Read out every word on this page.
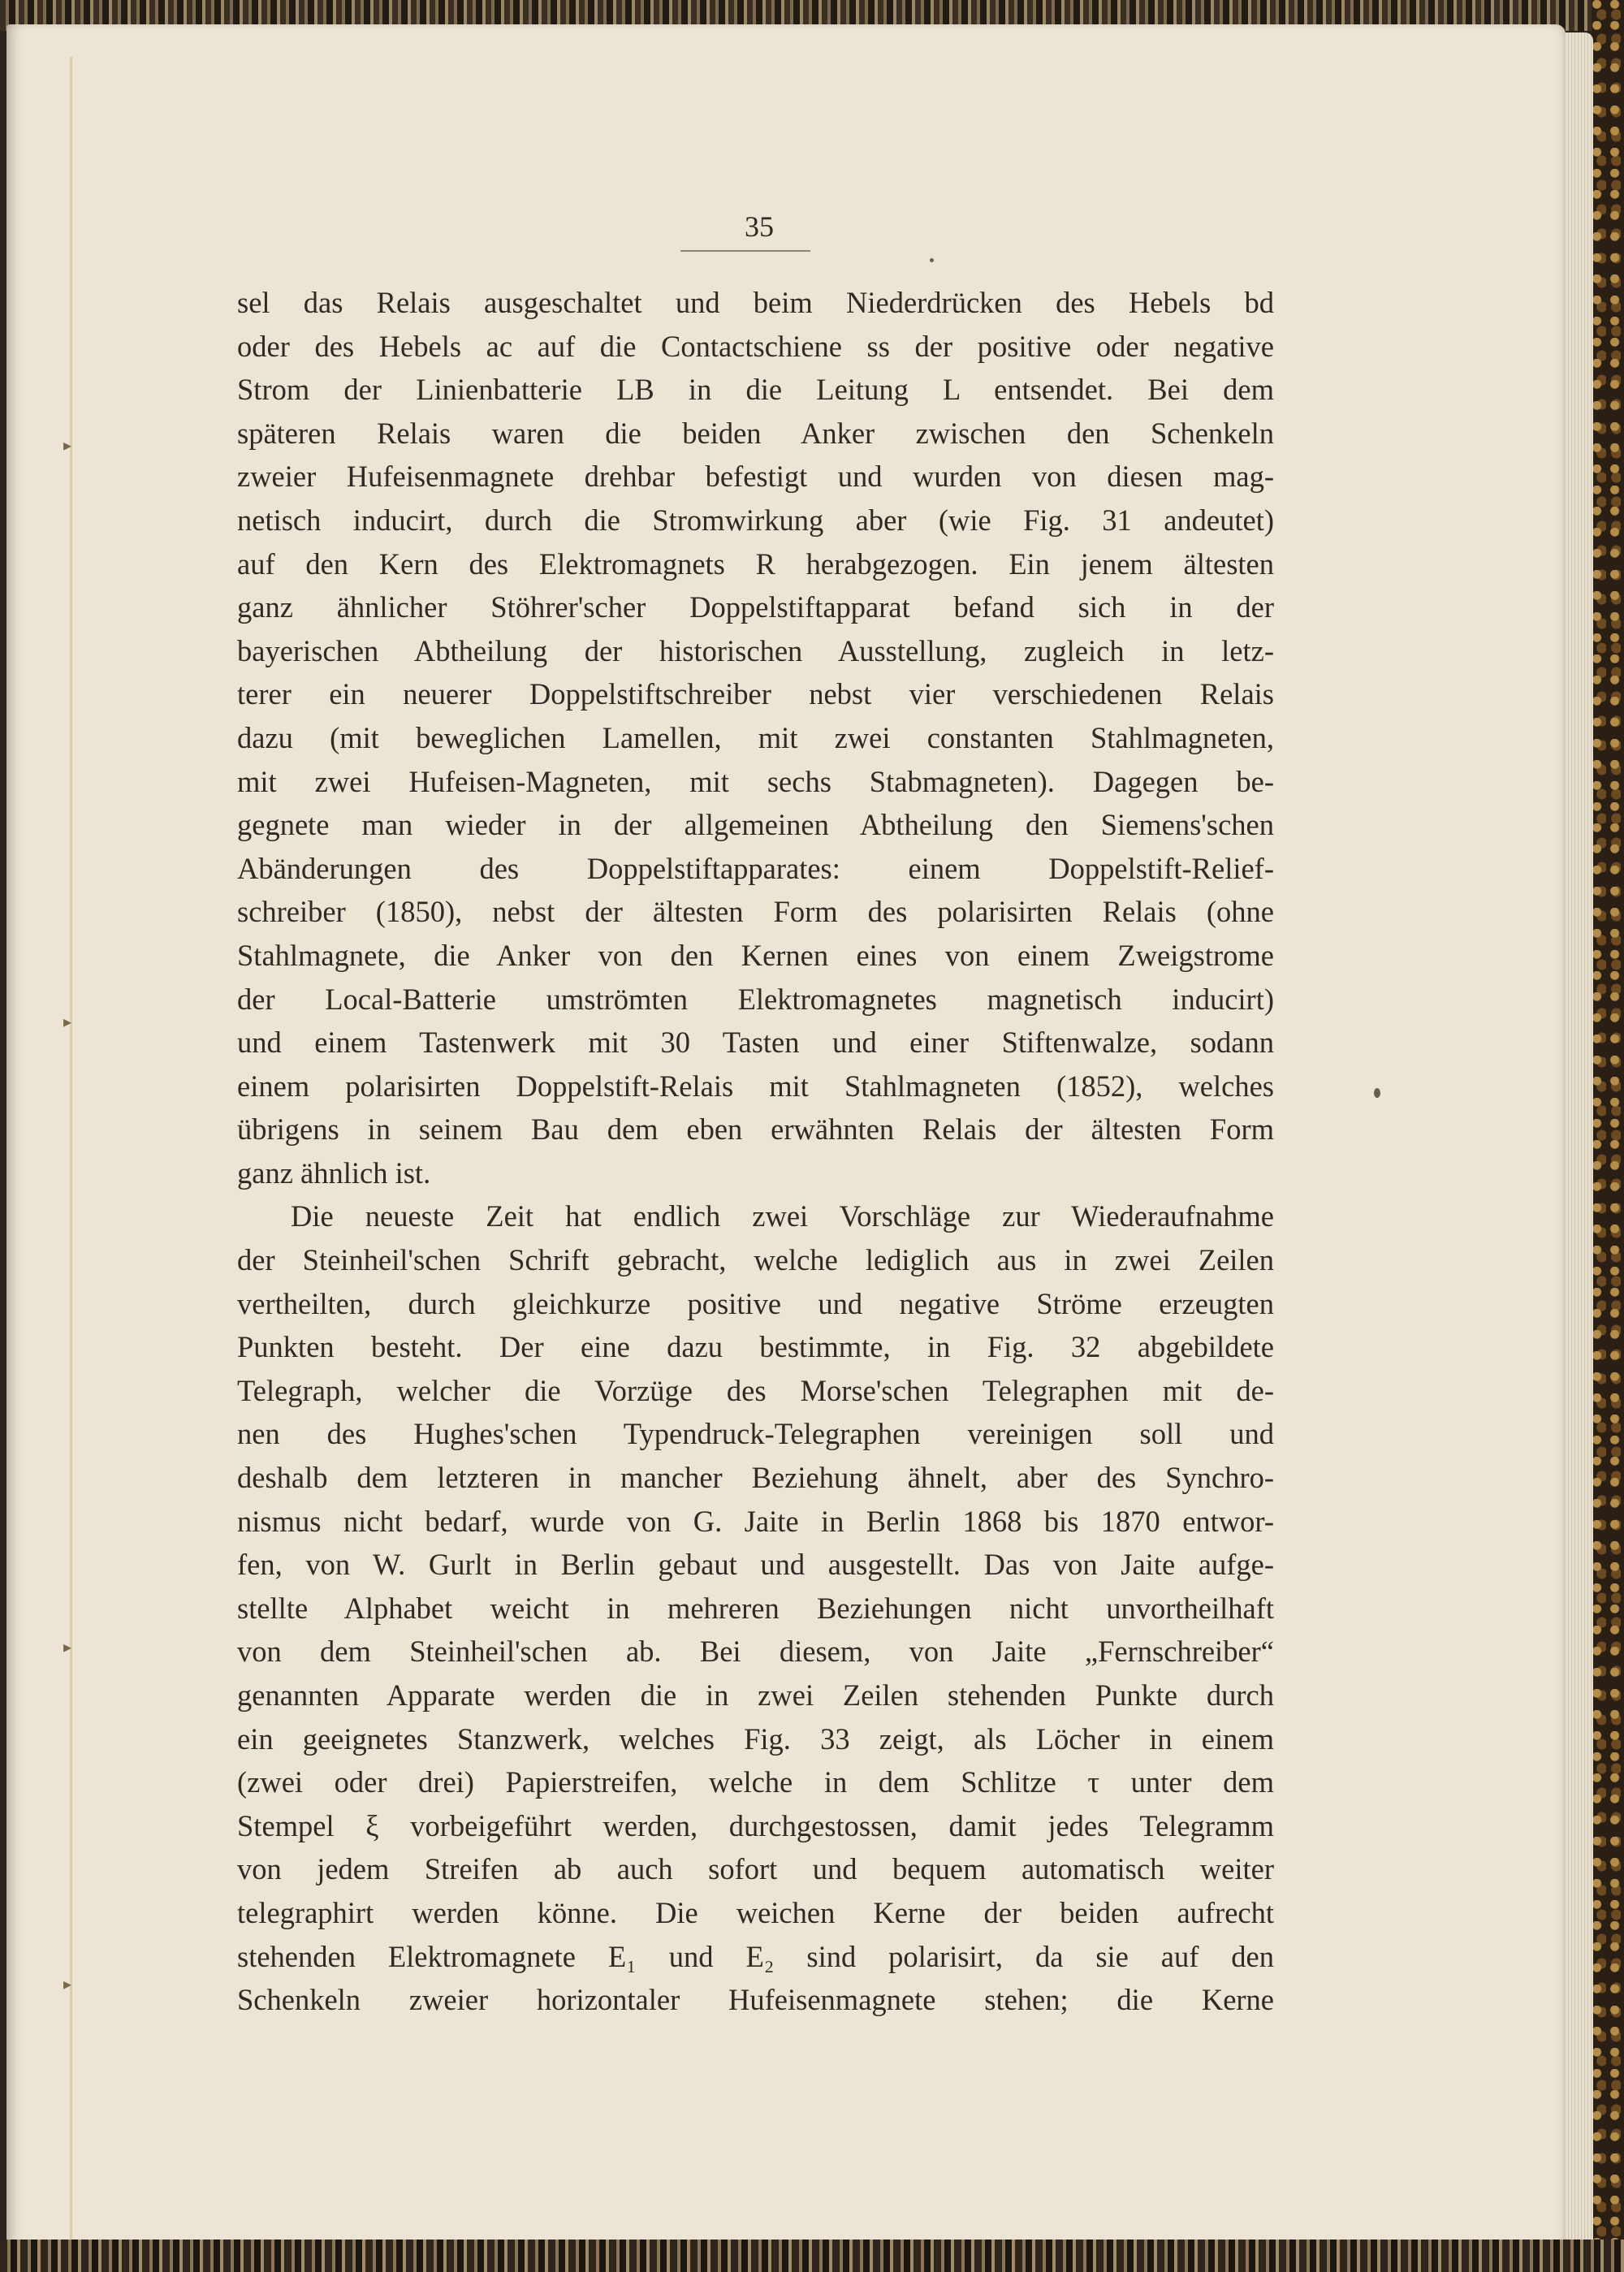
▸
▸
▸
▸

35

sel das Relais ausgeschaltet und beim Niederdrücken des Hebels bd
oder des Hebels ac auf die Contactschiene ss der positive oder negative
Strom der Linienbatterie LB in die Leitung L entsendet. Bei dem
späteren Relais waren die beiden Anker zwischen den Schenkeln
zweier Hufeisenmagnete drehbar befestigt und wurden von diesen mag-
netisch inducirt, durch die Stromwirkung aber (wie Fig. 31 andeutet)
auf den Kern des Elektromagnets R herabgezogen. Ein jenem ältesten
ganz ähnlicher Stöhrer'scher Doppelstiftapparat befand sich in der
bayerischen Abtheilung der historischen Ausstellung, zugleich in letz-
terer ein neuerer Doppelstiftschreiber nebst vier verschiedenen Relais
dazu (mit beweglichen Lamellen, mit zwei constanten Stahlmagneten,
mit zwei Hufeisen-Magneten, mit sechs Stabmagneten). Dagegen be-
gegnete man wieder in der allgemeinen Abtheilung den Siemens'schen
Abänderungen des Doppelstiftapparates: einem Doppelstift-Relief-
schreiber (1850), nebst der ältesten Form des polarisirten Relais (ohne
Stahlmagnete, die Anker von den Kernen eines von einem Zweigstrome
der Local-Batterie umströmten Elektromagnetes magnetisch inducirt)
und einem Tastenwerk mit 30 Tasten und einer Stiftenwalze, sodann
einem polarisirten Doppelstift-Relais mit Stahlmagneten (1852), welches
übrigens in seinem Bau dem eben erwähnten Relais der ältesten Form
ganz ähnlich ist.

Die neueste Zeit hat endlich zwei Vorschläge zur Wiederaufnahme
der Steinheil'schen Schrift gebracht, welche lediglich aus in zwei Zeilen
vertheilten, durch gleichkurze positive und negative Ströme erzeugten
Punkten besteht. Der eine dazu bestimmte, in Fig. 32 abgebildete
Telegraph, welcher die Vorzüge des Morse'schen Telegraphen mit de-
nen des Hughes'schen Typendruck-Telegraphen vereinigen soll und
deshalb dem letzteren in mancher Beziehung ähnelt, aber des Synchro-
nismus nicht bedarf, wurde von G. Jaite in Berlin 1868 bis 1870 entwor-
fen, von W. Gurlt in Berlin gebaut und ausgestellt. Das von Jaite aufge-
stellte Alphabet weicht in mehreren Beziehungen nicht unvortheilhaft
von dem Steinheil'schen ab. Bei diesem, von Jaite „Fernschreiber“
genannten Apparate werden die in zwei Zeilen stehenden Punkte durch
ein geeignetes Stanzwerk, welches Fig. 33 zeigt, als Löcher in einem
(zwei oder drei) Papierstreifen, welche in dem Schlitze τ unter dem
Stempel ξ vorbeigeführt werden, durchgestossen, damit jedes Telegramm
von jedem Streifen ab auch sofort und bequem automatisch weiter
telegraphirt werden könne. Die weichen Kerne der beiden aufrecht
stehenden Elektromagnete E₁ und E₂ sind polarisirt, da sie auf den
Schenkeln zweier horizontaler Hufeisenmagnete stehen; die Kerne
